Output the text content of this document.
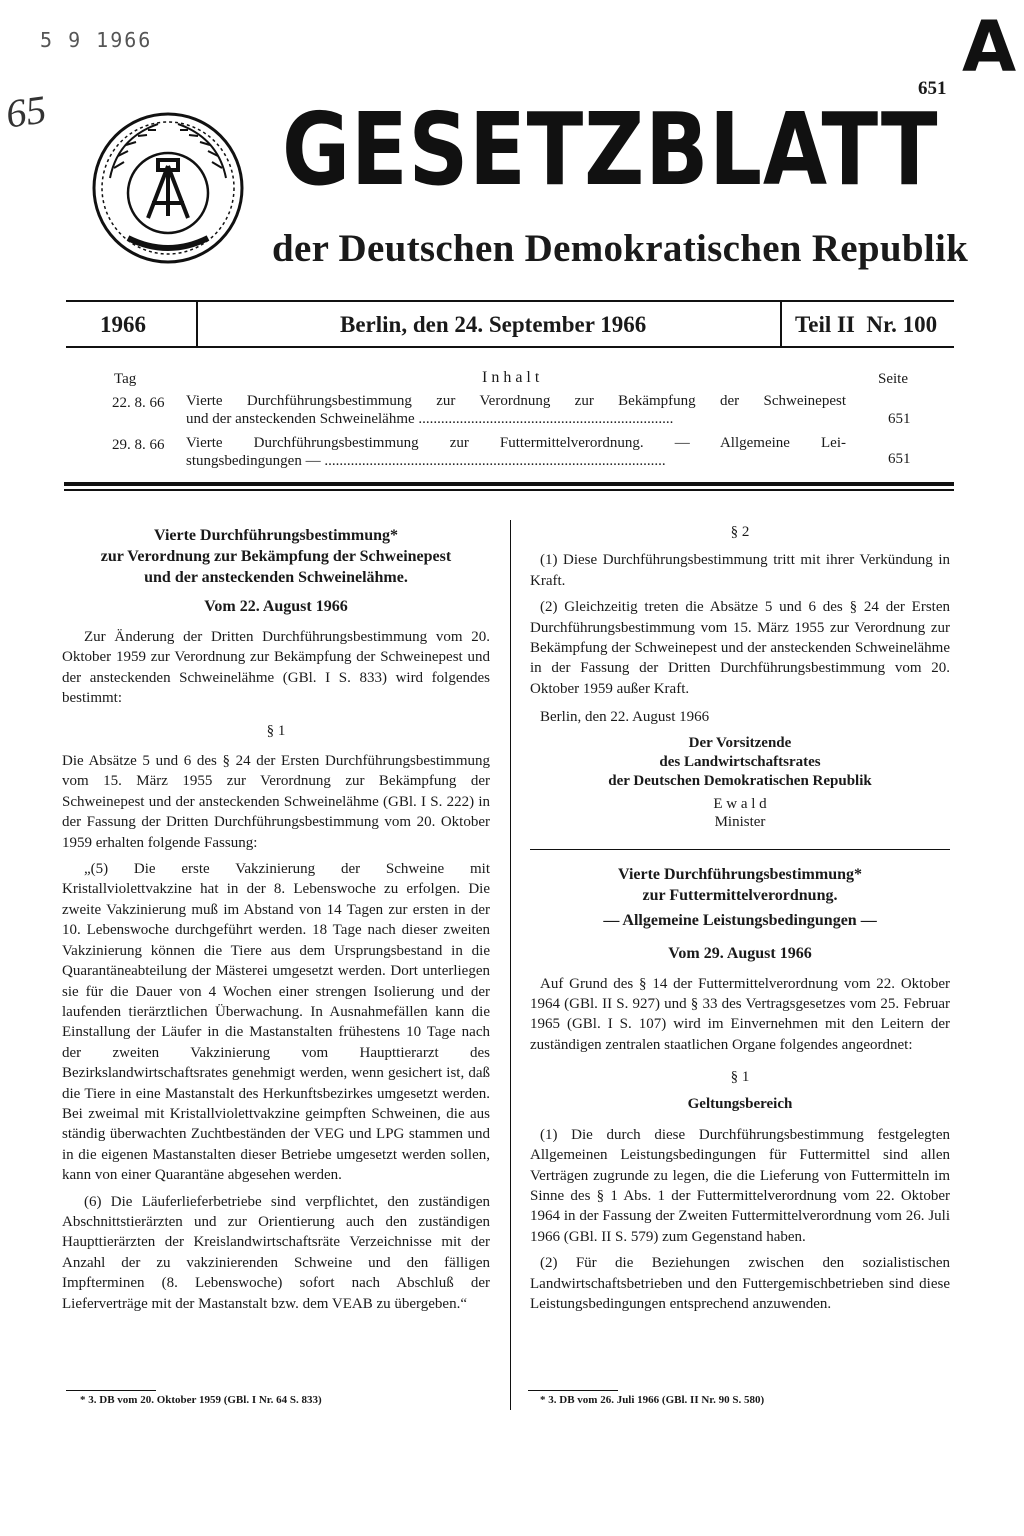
5 9 1966
65
A
651
GESETZBLATT
der Deutschen Demokratischen Republik
1966	Berlin, den 24. September 1966	Teil II  Nr. 100
Tag	I n h a l t	Seite
22. 8. 66 Vierte Durchführungsbestimmung zur Verordnung zur Bekämpfung der Schweinepest
und der ansteckenden Schweinelähme ....................................................................	651
29. 8. 66 Vierte Durchführungsbestimmung zur Futtermittelverordnung. — Allgemeine Lei-
stungsbedingungen — ...........................................................................................	651
Vierte Durchführungsbestimmung*
zur Verordnung zur Bekämpfung der Schweinepest
und der ansteckenden Schweinelähme.
Vom 22. August 1966

Zur Änderung der Dritten Durchführungsbestimmung vom 20. Oktober 1959 zur Verordnung zur Bekämpfung der Schweinepest und der ansteckenden Schweinelähme (GBl. I S. 833) wird folgendes bestimmt:

§ 1

Die Absätze 5 und 6 des § 24 der Ersten Durchführungsbestimmung vom 15. März 1955 zur Verordnung zur Bekämpfung der Schweinepest und der ansteckenden Schweinelähme (GBl. I S. 222) in der Fassung der Dritten Durchführungsbestimmung vom 20. Oktober 1959 erhalten folgende Fassung:

„(5) Die erste Vakzinierung der Schweine mit Kristallviolettvakzine hat in der 8. Lebenswoche zu erfolgen. Die zweite Vakzinierung muß im Abstand von 14 Tagen zur ersten in der 10. Lebenswoche durchgeführt werden. 18 Tage nach dieser zweiten Vakzinierung können die Tiere aus dem Ursprungsbestand in die Quarantäneabteilung der Mästerei umgesetzt werden. Dort unterliegen sie für die Dauer von 4 Wochen einer strengen Isolierung und der laufenden tierärztlichen Überwachung. In Ausnahmefällen kann die Einstallung der Läufer in die Mastanstalten frühestens 10 Tage nach der zweiten Vakzinierung vom Haupttierarzt des Bezirkslandwirtschaftsrates genehmigt werden, wenn gesichert ist, daß die Tiere in eine Mastanstalt des Herkunftsbezirkes umgesetzt werden. Bei zweimal mit Kristallviolettvakzine geimpften Schweinen, die aus ständig überwachten Zuchtbeständen der VEG und LPG stammen und in die eigenen Mastanstalten dieser Betriebe umgesetzt werden sollen, kann von einer Quarantäne abgesehen werden.

(6) Die Läuferlieferbetriebe sind verpflichtet, den zuständigen Abschnittstierärzten und zur Orientierung auch den zuständigen Haupttierärzten der Kreislandwirtschaftsräte Verzeichnisse mit der Anzahl der zu vakzinierenden Schweine und den fälligen Impfterminen (8. Lebenswoche) sofort nach Abschluß der Lieferverträge mit der Mastanstalt bzw. dem VEAB zu übergeben.“

* 3. DB vom 20. Oktober 1959 (GBl. I Nr. 64 S. 833)
§ 2

(1) Diese Durchführungsbestimmung tritt mit ihrer Verkündung in Kraft.

(2) Gleichzeitig treten die Absätze 5 und 6 des § 24 der Ersten Durchführungsbestimmung vom 15. März 1955 zur Verordnung zur Bekämpfung der Schweinepest und der ansteckenden Schweinelähme in der Fassung der Dritten Durchführungsbestimmung vom 20. Oktober 1959 außer Kraft.

Berlin, den 22. August 1966

Der Vorsitzende
des Landwirtschaftsrates
der Deutschen Demokratischen Republik
E w a l d
Minister
Vierte Durchführungsbestimmung*
zur Futtermittelverordnung.
— Allgemeine Leistungsbedingungen —
Vom 29. August 1966

Auf Grund des § 14 der Futtermittelverordnung vom 22. Oktober 1964 (GBl. II S. 927) und § 33 des Vertragsgesetzes vom 25. Februar 1965 (GBl. I S. 107) wird im Einvernehmen mit den Leitern der zuständigen zentralen staatlichen Organe folgendes angeordnet:

§ 1
Geltungsbereich

(1) Die durch diese Durchführungsbestimmung festgelegten Allgemeinen Leistungsbedingungen für Futtermittel sind allen Verträgen zugrunde zu legen, die die Lieferung von Futtermitteln im Sinne des § 1 Abs. 1 der Futtermittelverordnung vom 22. Oktober 1964 in der Fassung der Zweiten Futtermittelverordnung vom 26. Juli 1966 (GBl. II S. 579) zum Gegenstand haben.

(2) Für die Beziehungen zwischen den sozialistischen Landwirtschaftsbetrieben und den Futtergemischbetrieben sind diese Leistungsbedingungen entsprechend anzuwenden.

* 3. DB vom 26. Juli 1966 (GBl. II Nr. 90 S. 580)
